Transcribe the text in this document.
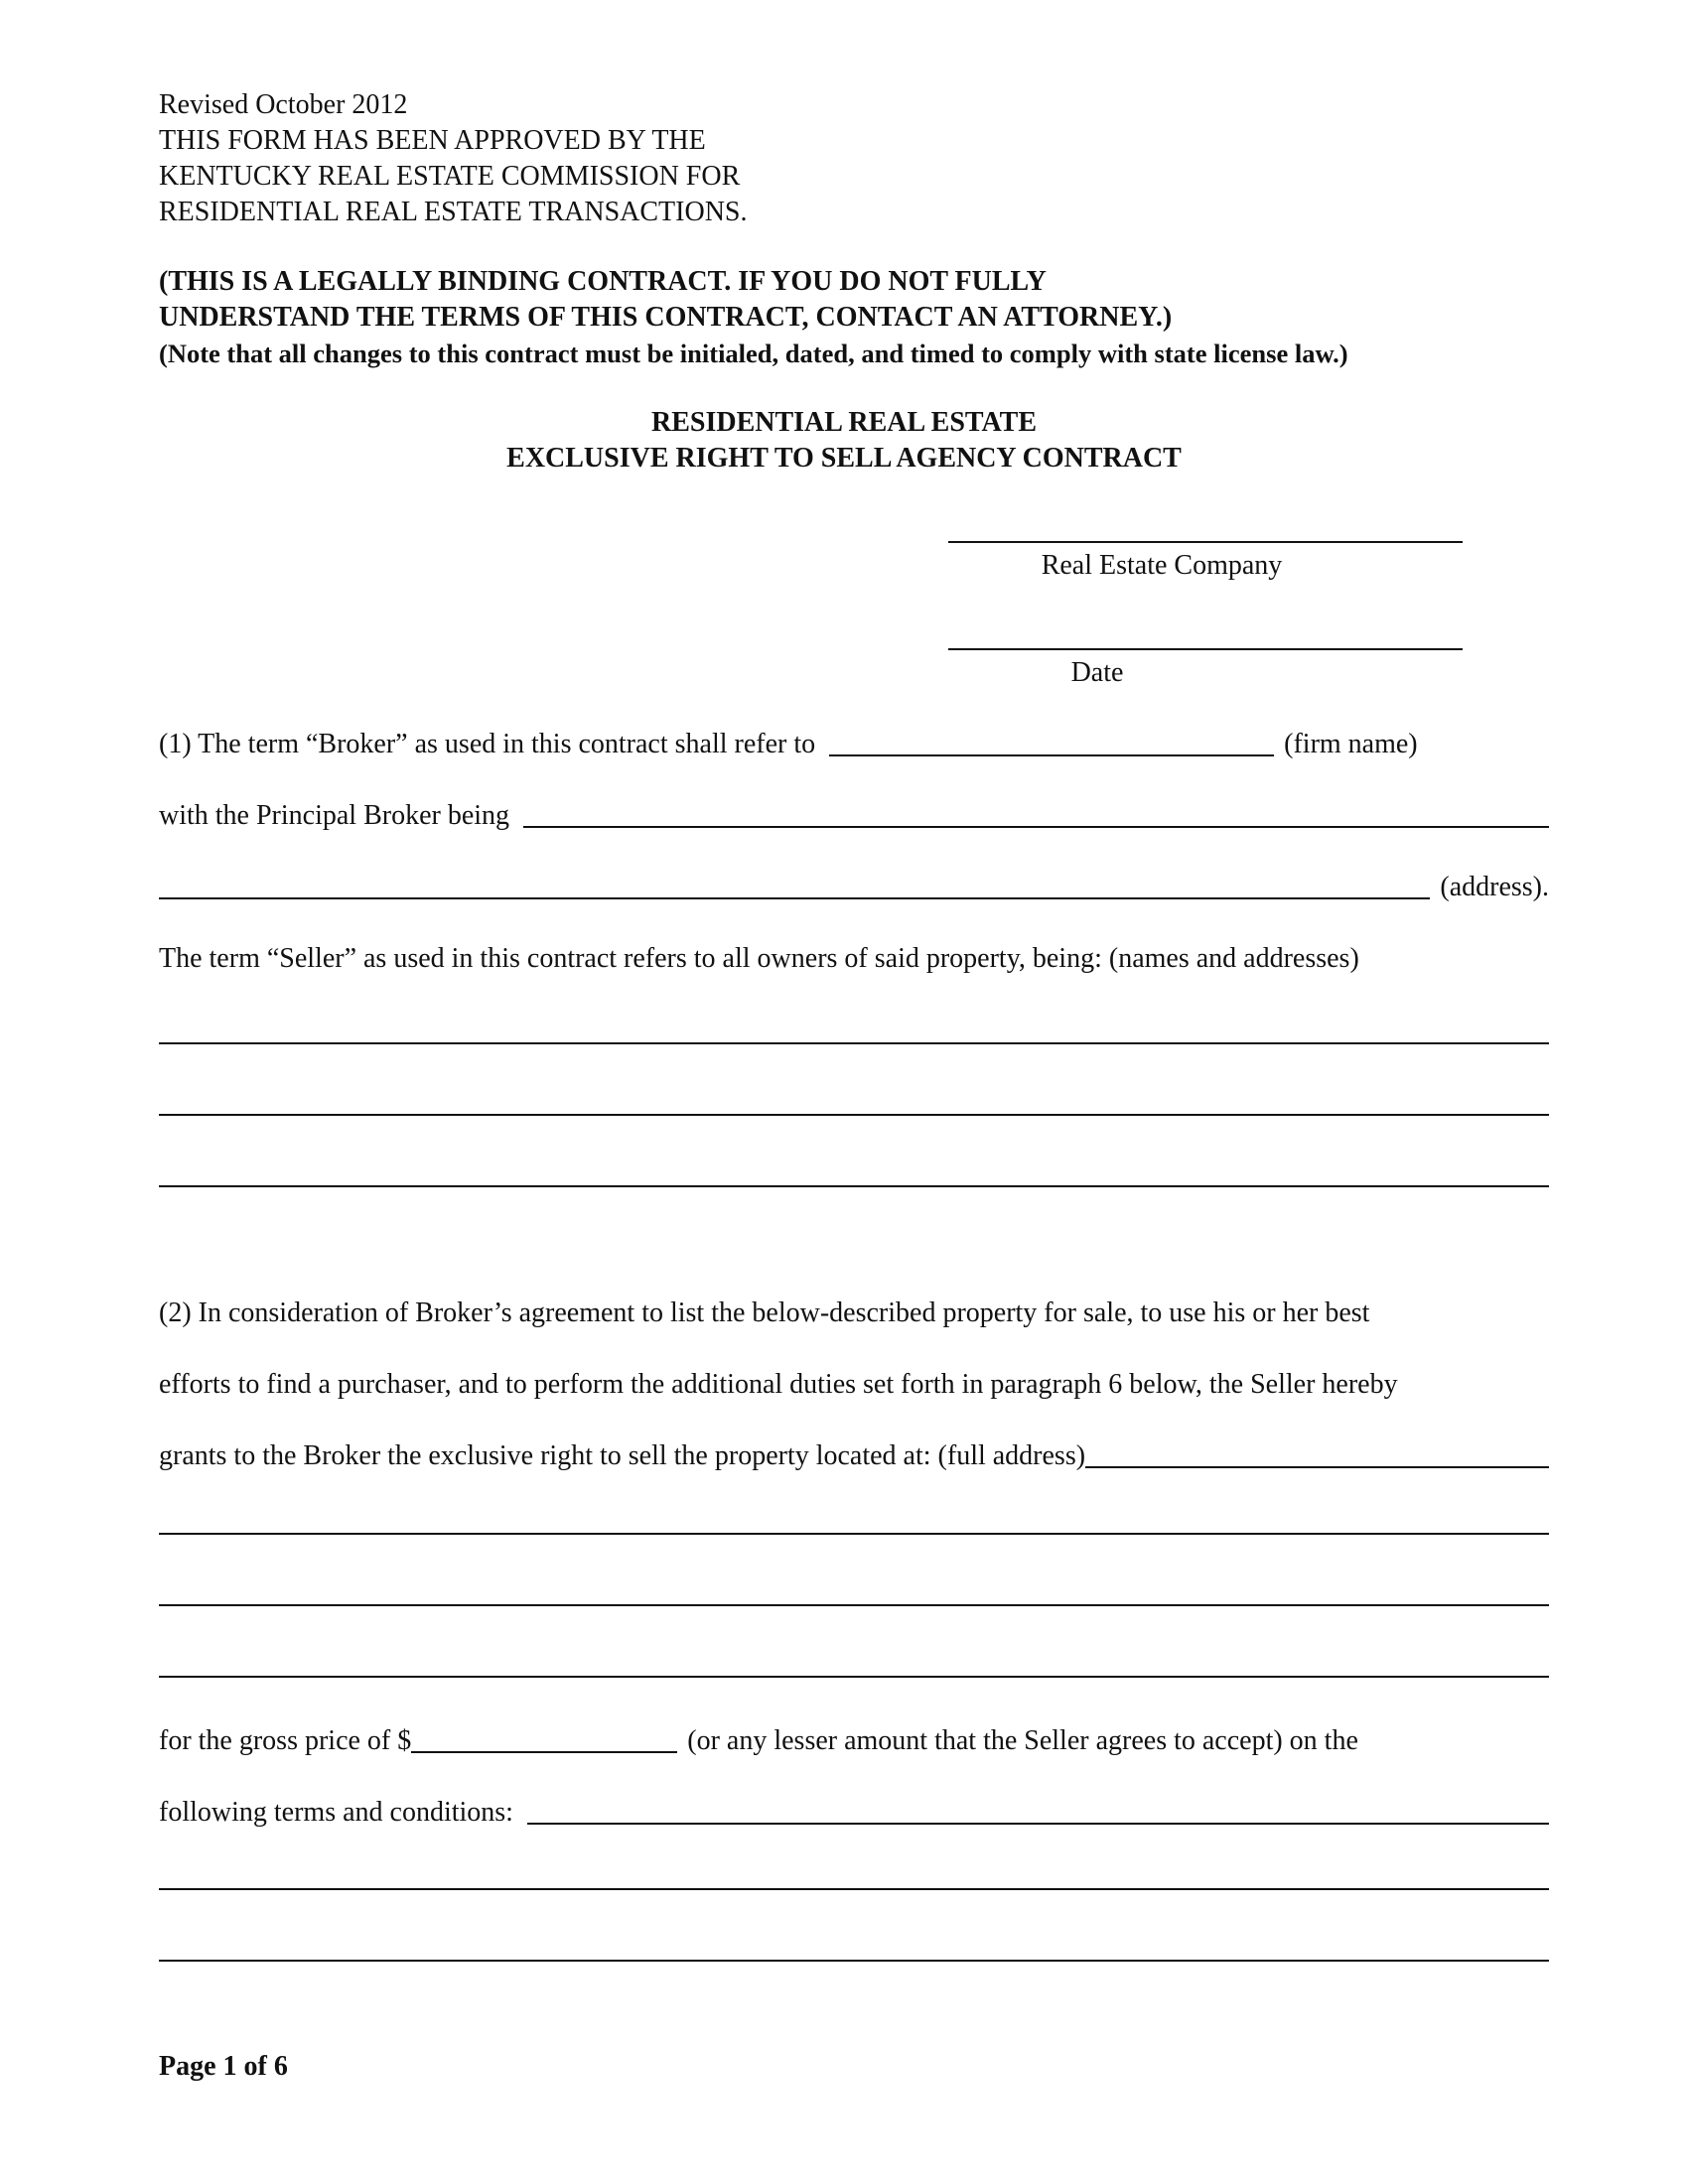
Revised October 2012
THIS FORM HAS BEEN APPROVED BY THE
KENTUCKY REAL ESTATE COMMISSION FOR
RESIDENTIAL REAL ESTATE TRANSACTIONS.
(THIS IS A LEGALLY BINDING CONTRACT. IF YOU DO NOT FULLY
UNDERSTAND THE TERMS OF THIS CONTRACT, CONTACT AN ATTORNEY.)
(Note that all changes to this contract must be initialed, dated, and timed to comply with state license law.)
RESIDENTIAL REAL ESTATE
EXCLUSIVE RIGHT TO SELL AGENCY CONTRACT
Real Estate Company
Date
(1) The term “Broker” as used in this contract shall refer to	(firm name)
with the Principal Broker being
(address).
The term “Seller” as used in this contract refers to all owners of said property, being: (names and addresses)
(2) In consideration of Broker’s agreement to list the below-described property for sale, to use his or her best
efforts to find a purchaser, and to perform the additional duties set forth in paragraph 6 below, the Seller hereby
grants to the Broker the exclusive right to sell the property located at: (full address)
for the gross price of $	(or any lesser amount that the Seller agrees to accept) on the
following terms and conditions:
Page 1 of 6
